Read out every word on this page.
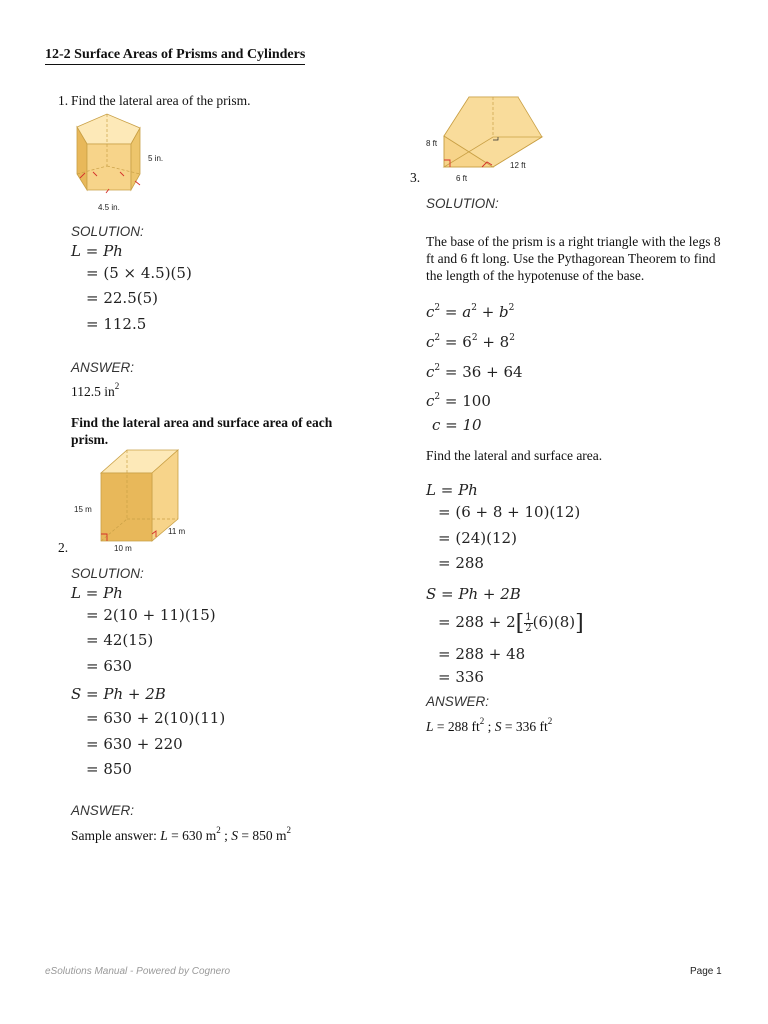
12-2 Surface Areas of Prisms and Cylinders
1. Find the lateral area of the prism.
5 in.
4.5 in.
SOLUTION:
L = Ph
= (5 × 4.5)(5)
= 22.5(5)
= 112.5
ANSWER:
112.5 $in^2$
Find the lateral area and surface area of each prism.
15 m
11 m
10 m
2.
SOLUTION:
L = Ph
= 2(10 + 11)(15)
= 42(15)
= 630
S = Ph + 2B
= 630 + 2(10)(11)
= 630 + 220
= 850
ANSWER:
Sample answer: L = 630 $m^2$ ; S = 850 $m^2$
8 ft
12 ft
6 ft
3.
SOLUTION:
The base of the prism is a right triangle with the legs 8 ft and 6 ft long. Use the Pythagorean Theorem to find the length of the hypotenuse of the base.
$c^2 = a^2 + b^2$
$c^2 = 6^2 + 8^2$
$c^2 = 36 + 64$
$c^2 = 100$
c = 10
Find the lateral and surface area.
L = Ph
= (6 + 8 + 10)(12)
= (24)(12)
= 288
S = Ph + 2B
= $288 + 2[\frac{1}{2}(6)(8)]$
= 288 + 48
= 336
ANSWER:
L = 288 $ft^2$ ; S = 336 $ft^2$
eSolutions Manual - Powered by Cognero	Page 1
